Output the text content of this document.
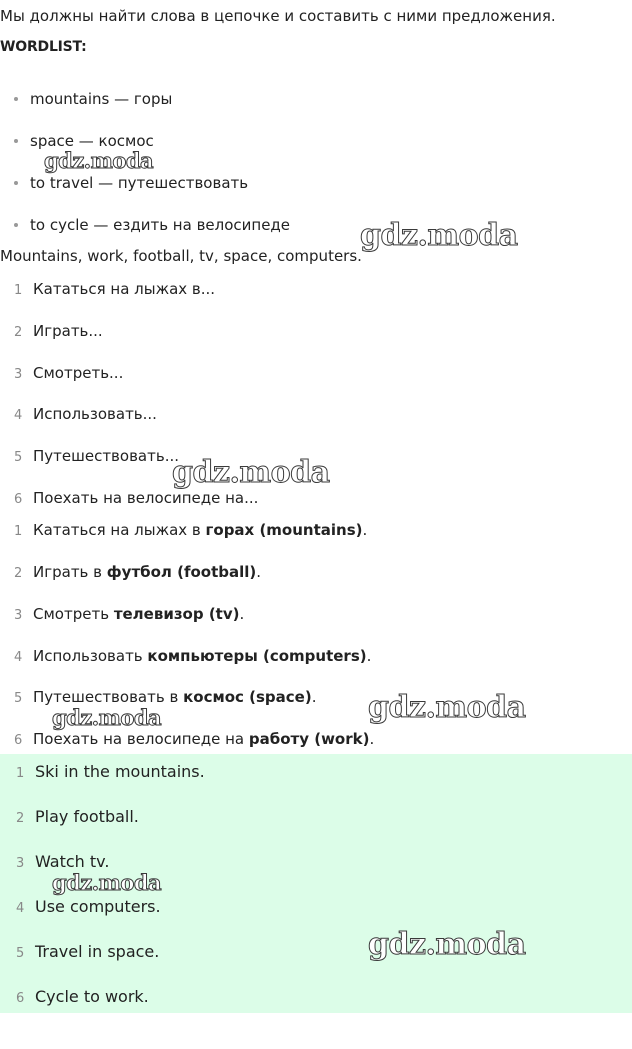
Мы должны найти слова в цепочке и составить с ними предложения.
WORDLIST:
mountains — горы
space — космос
to travel — путешествовать
to cycle — ездить на велосипеде
Mountains, work, football, tv, space, computers.
1 Кататься на лыжах в...
2 Играть...
3 Смотреть...
4 Использовать...
5 Путешествовать...
6 Поехать на велосипеде на...
1 Кататься на лыжах в горах (mountains).
2 Играть в футбол (football).
3 Смотреть телевизор (tv).
4 Использовать компьютеры (computers).
5 Путешествовать в космос (space).
6 Поехать на велосипеде на работу (work).
1 Ski in the mountains.
2 Play football.
3 Watch tv.
4 Use computers.
5 Travel in space.
6 Cycle to work.
gdz.moda
gdz.moda
gdz.moda
gdz.moda	gdz.moda
gdz.moda
gdz.moda
